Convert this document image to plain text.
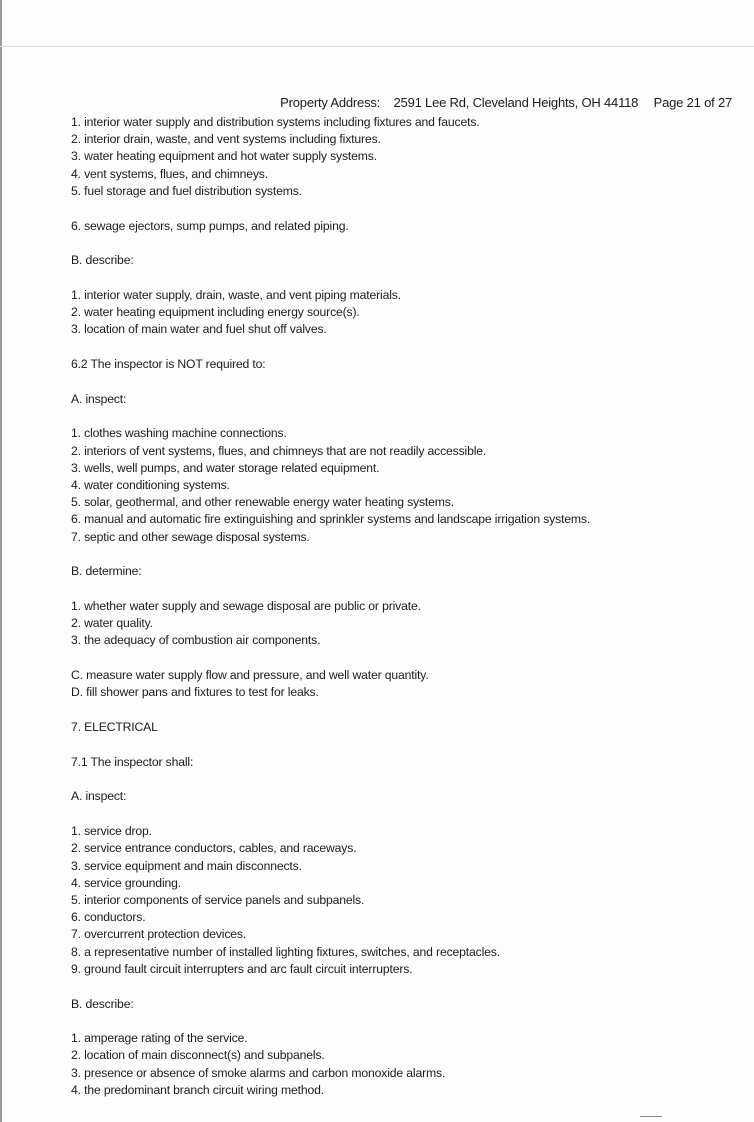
Property Address: 2591 Lee Rd, Cleveland Heights, OH 44118 Page 21 of 27
1. interior water supply and distribution systems including fixtures and faucets.
2. interior drain, waste, and vent systems including fixtures.
3. water heating equipment and hot water supply systems.
4. vent systems, flues, and chimneys.
5. fuel storage and fuel distribution systems.
6. sewage ejectors, sump pumps, and related piping.
B. describe:
1. interior water supply, drain, waste, and vent piping materials.
2. water heating equipment including energy source(s).
3. location of main water and fuel shut off valves.
6.2 The inspector is NOT required to:
A. inspect:
1. clothes washing machine connections.
2. interiors of vent systems, flues, and chimneys that are not readily accessible.
3. wells, well pumps, and water storage related equipment.
4. water conditioning systems.
5. solar, geothermal, and other renewable energy water heating systems.
6. manual and automatic fire extinguishing and sprinkler systems and landscape irrigation systems.
7. septic and other sewage disposal systems.
B. determine:
1. whether water supply and sewage disposal are public or private.
2. water quality.
3. the adequacy of combustion air components.
C. measure water supply flow and pressure, and well water quantity.
D. fill shower pans and fixtures to test for leaks.
7. ELECTRICAL
7.1 The inspector shall:
A. inspect:
1. service drop.
2. service entrance conductors, cables, and raceways.
3. service equipment and main disconnects.
4. service grounding.
5. interior components of service panels and subpanels.
6. conductors.
7. overcurrent protection devices.
8. a representative number of installed lighting fixtures, switches, and receptacles.
9. ground fault circuit interrupters and arc fault circuit interrupters.
B. describe:
1. amperage rating of the service.
2. location of main disconnect(s) and subpanels.
3. presence or absence of smoke alarms and carbon monoxide alarms.
4. the predominant branch circuit wiring method.
